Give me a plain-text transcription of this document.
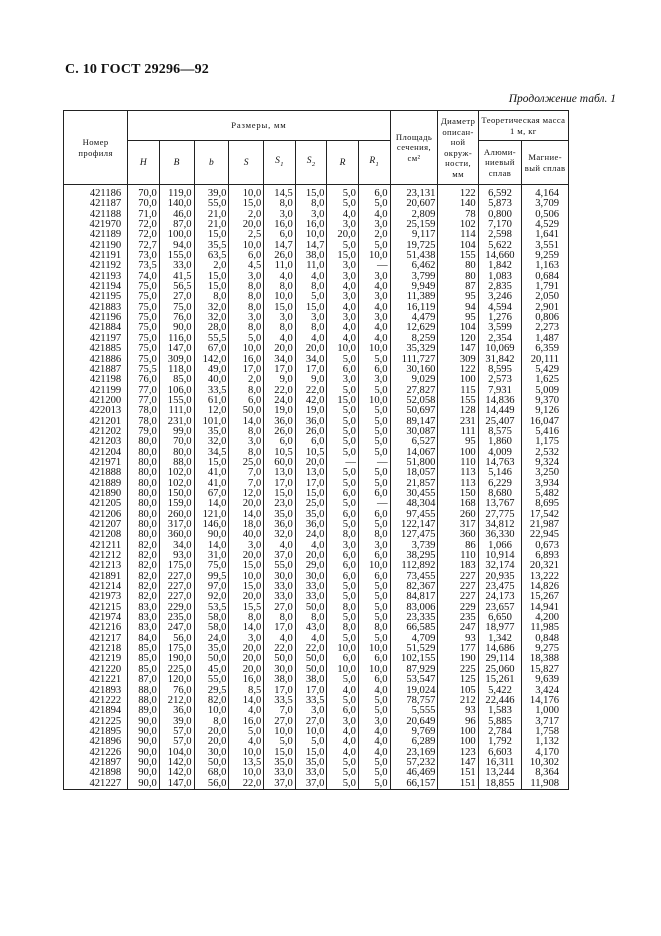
С. 10 ГОСТ 29296—92
Продолжение табл. 1
Номер профиля	Размеры, мм								Площадь сечения, см²	Диаметр описан- ной окруж- ности, мм	Теоретическая масса 1 м, кг	
	H	B	b	S	$S_1$	$S_2$	R	$R_1$			Алюми- ниевый сплав	Магние- вый сплав
421186	70,0	119,0	39,0	10,0	14,5	15,0	5,0	6,0	23,131	122	6,592	4,164
421187	70,0	140,0	55,0	15,0	8,0	8,0	5,0	5,0	20,607	140	5,873	3,709
421188	71,0	46,0	21,0	2,0	3,0	3,0	4,0	4,0	2,809	78	0,800	0,506
421970	72,0	87,0	21,0	20,0	16,0	16,0	3,0	3,0	25,159	102	7,170	4,529
421189	72,0	100,0	15,0	2,5	6,0	10,0	20,0	2,0	9,117	114	2,598	1,641
421190	72,7	94,0	35,5	10,0	14,7	14,7	5,0	5,0	19,725	104	5,622	3,551
421191	73,0	155,0	63,5	6,0	26,0	38,0	15,0	10,0	51,438	155	14,660	9,259
421192	73,5	33,0	2,0	4,5	11,0	11,0	3,0	—	6,462	80	1,842	1,163
421193	74,0	41,5	15,0	3,0	4,0	4,0	3,0	3,0	3,799	80	1,083	0,684
421194	75,0	56,5	15,0	8,0	8,0	8,0	4,0	4,0	9,949	87	2,835	1,791
421195	75,0	27,0	8,0	8,0	10,0	5,0	3,0	3,0	11,389	95	3,246	2,050
421883	75,0	75,0	32,0	8,0	15,0	15,0	4,0	4,0	16,119	94	4,594	2,901
421196	75,0	76,0	32,0	3,0	3,0	3,0	3,0	3,0	4,479	95	1,276	0,806
421884	75,0	90,0	28,0	8,0	8,0	8,0	4,0	4,0	12,629	104	3,599	2,273
421197	75,0	116,0	55,5	5,0	4,0	4,0	4,0	4,0	8,259	120	2,354	1,487
421885	75,0	147,0	67,0	10,0	20,0	20,0	10,0	10,0	35,329	147	10,069	6,359
421886	75,0	309,0	142,0	16,0	34,0	34,0	5,0	5,0	111,727	309	31,842	20,111
421887	75,5	118,0	49,0	17,0	17,0	17,0	6,0	6,0	30,160	122	8,595	5,429
421198	76,0	85,0	40,0	2,0	9,0	9,0	3,0	3,0	9,029	100	2,573	1,625
421199	77,0	106,0	33,5	8,0	22,0	22,0	5,0	5,0	27,827	115	7,931	5,009
421200	77,0	155,0	61,0	6,0	24,0	42,0	15,0	10,0	52,058	155	14,836	9,370
422013	78,0	111,0	12,0	50,0	19,0	19,0	5,0	5,0	50,697	128	14,449	9,126
421201	78,0	231,0	101,0	14,0	36,0	36,0	5,0	5,0	89,147	231	25,407	16,047
421202	79,0	99,0	35,0	8,0	26,0	26,0	5,0	5,0	30,087	111	8,575	5,416
421203	80,0	70,0	32,0	3,0	6,0	6,0	5,0	5,0	6,527	95	1,860	1,175
421204	80,0	80,0	34,5	8,0	10,5	10,5	5,0	5,0	14,067	100	4,009	2,532
421971	80,0	88,0	15,0	25,0	60,0	20,0	—	—	51,800	110	14,763	9,324
421888	80,0	102,0	41,0	7,0	13,0	13,0	5,0	5,0	18,057	113	5,146	3,250
421889	80,0	102,0	41,0	7,0	17,0	17,0	5,0	5,0	21,857	113	6,229	3,934
421890	80,0	150,0	67,0	12,0	15,0	15,0	6,0	6,0	30,455	150	8,680	5,482
421205	80,0	159,0	14,0	20,0	23,0	25,0	5,0	—	48,304	168	13,767	8,695
421206	80,0	260,0	121,0	14,0	35,0	35,0	6,0	6,0	97,455	260	27,775	17,542
421207	80,0	317,0	146,0	18,0	36,0	36,0	5,0	5,0	122,147	317	34,812	21,987
421208	80,0	360,0	90,0	40,0	32,0	24,0	8,0	8,0	127,475	360	36,330	22,945
421211	82,0	34,0	14,0	3,0	4,0	4,0	3,0	3,0	3,739	86	1,066	0,673
421212	82,0	93,0	31,0	20,0	37,0	20,0	6,0	6,0	38,295	110	10,914	6,893
421213	82,0	175,0	75,0	15,0	55,0	29,0	6,0	10,0	112,892	183	32,174	20,321
421891	82,0	227,0	99,5	10,0	30,0	30,0	6,0	6,0	73,455	227	20,935	13,222
421214	82,0	227,0	97,0	15,0	33,0	33,0	5,0	5,0	82,367	227	23,475	14,826
421973	82,0	227,0	92,0	20,0	33,0	33,0	5,0	5,0	84,817	227	24,173	15,267
421215	83,0	229,0	53,5	15,5	27,0	50,0	8,0	5,0	83,006	229	23,657	14,941
421974	83,0	235,0	58,0	8,0	8,0	8,0	5,0	5,0	23,335	235	6,650	4,200
421216	83,0	247,0	58,0	14,0	17,0	43,0	8,0	8,0	66,585	247	18,977	11,985
421217	84,0	56,0	24,0	3,0	4,0	4,0	5,0	5,0	4,709	93	1,342	0,848
421218	85,0	175,0	35,0	20,0	22,0	22,0	10,0	10,0	51,529	177	14,686	9,275
421219	85,0	190,0	50,0	20,0	50,0	50,0	6,0	6,0	102,155	190	29,114	18,388
421220	85,0	225,0	45,0	20,0	30,0	50,0	10,0	10,0	87,929	225	25,060	15,827
421221	87,0	120,0	55,0	16,0	38,0	38,0	5,0	6,0	53,547	125	15,261	9,639
421893	88,0	76,0	29,5	8,5	17,0	17,0	4,0	4,0	19,024	105	5,422	3,424
421222	88,0	212,0	82,0	14,0	33,5	33,5	5,0	5,0	78,757	212	22,446	14,176
421894	89,0	36,0	10,0	4,0	7,0	3,0	6,0	5,0	5,555	93	1,583	1,000
421225	90,0	39,0	8,0	16,0	27,0	27,0	3,0	3,0	20,649	96	5,885	3,717
421895	90,0	57,0	20,0	5,0	10,0	10,0	4,0	4,0	9,769	100	2,784	1,758
421896	90,0	57,0	20,0	4,0	5,0	5,0	4,0	4,0	6,289	100	1,792	1,132
421226	90,0	104,0	30,0	10,0	15,0	15,0	4,0	4,0	23,169	123	6,603	4,170
421897	90,0	142,0	50,0	13,5	35,0	35,0	5,0	5,0	57,232	147	16,311	10,302
421898	90,0	142,0	68,0	10,0	33,0	33,0	5,0	5,0	46,469	151	13,244	8,364
421227	90,0	147,0	56,0	22,0	37,0	37,0	5,0	5,0	66,157	151	18,855	11,908
